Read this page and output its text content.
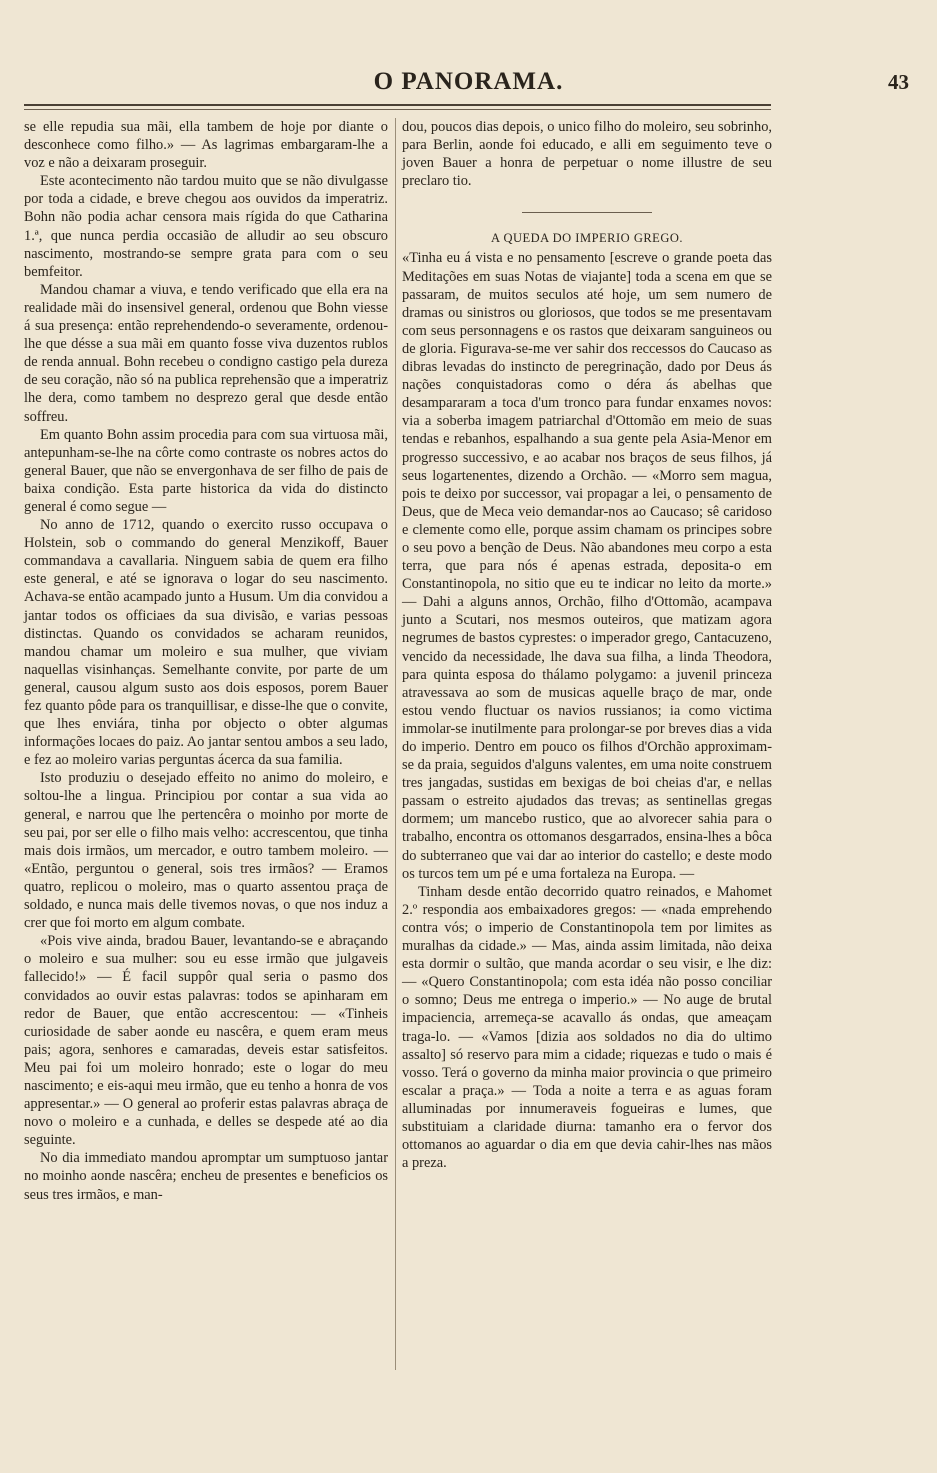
O PANORAMA.	43

se elle repudia sua mãi, ella tambem de hoje por diante o desconhece como filho.» — As lagrimas embargaram-lhe a voz e não a deixaram proseguir.

Este acontecimento não tardou muito que se não divulgasse por toda a cidade, e breve chegou aos ouvidos da imperatriz. Bohn não podia achar censora mais rígida do que Catharina 1.ª, que nunca perdia occasião de alludir ao seu obscuro nascimento, mostrando-se sempre grata para com o seu bemfeitor.

Mandou chamar a viuva, e tendo verificado que ella era na realidade mãi do insensivel general, ordenou que Bohn viesse á sua presença: então reprehendendo-o severamente, ordenou-lhe que désse a sua mãi em quanto fosse viva duzentos rublos de renda annual. Bohn recebeu o condigno castigo pela dureza de seu coração, não só na publica reprehensão que a imperatriz lhe dera, como tambem no desprezo geral que desde então soffreu.

Em quanto Bohn assim procedia para com sua virtuosa mãi, antepunham-se-lhe na côrte como contraste os nobres actos do general Bauer, que não se envergonhava de ser filho de pais de baixa condição. Esta parte historica da vida do distincto general é como segue —

No anno de 1712, quando o exercito russo occupava o Holstein, sob o commando do general Menzikoff, Bauer commandava a cavallaria. Ninguem sabia de quem era filho este general, e até se ignorava o logar do seu nascimento. Achava-se então acampado junto a Husum. Um dia convidou a jantar todos os officiaes da sua divisão, e varias pessoas distinctas. Quando os convidados se acharam reunidos, mandou chamar um moleiro e sua mulher, que viviam naquellas visinhanças. Semelhante convite, por parte de um general, causou algum susto aos dois esposos, porem Bauer fez quanto pôde para os tranquillisar, e disse-lhe que o convite, que lhes enviára, tinha por objecto o obter algumas informações locaes do paiz. Ao jantar sentou ambos a seu lado, e fez ao moleiro varias perguntas ácerca da sua familia.

Isto produziu o desejado effeito no animo do moleiro, e soltou-lhe a lingua. Principiou por contar a sua vida ao general, e narrou que lhe pertencêra o moinho por morte de seu pai, por ser elle o filho mais velho: accrescentou, que tinha mais dois irmãos, um mercador, e outro tambem moleiro. — «Então, perguntou o general, sois tres irmãos? — Eramos quatro, replicou o moleiro, mas o quarto assentou praça de soldado, e nunca mais delle tivemos novas, o que nos induz a crer que foi morto em algum combate.

«Pois vive ainda, bradou Bauer, levantando-se e abraçando o moleiro e sua mulher: sou eu esse irmão que julgaveis fallecido!» — É facil suppôr qual seria o pasmo dos convidados ao ouvir estas palavras: todos se apinharam em redor de Bauer, que então accrescentou: — «Tinheis curiosidade de saber aonde eu nascêra, e quem eram meus pais; agora, senhores e camaradas, deveis estar satisfeitos. Meu pai foi um moleiro honrado; este o logar do meu nascimento; e eis-aqui meu irmão, que eu tenho a honra de vos appresentar.» — O general ao proferir estas palavras abraça de novo o moleiro e a cunhada, e delles se despede até ao dia seguinte.

No dia immediato mandou apromptar um sumptuoso jantar no moinho aonde nascêra; encheu de presentes e beneficios os seus tres irmãos, e man-

dou, poucos dias depois, o unico filho do moleiro, seu sobrinho, para Berlin, aonde foi educado, e alli em seguimento teve o joven Bauer a honra de perpetuar o nome illustre de seu preclaro tio.

A QUEDA DO IMPERIO GREGO.

«Tinha eu á vista e no pensamento [escreve o grande poeta das Meditações em suas Notas de viajante] toda a scena em que se passaram, de muitos seculos até hoje, um sem numero de dramas ou sinistros ou gloriosos, que todos se me presentavam com seus personnagens e os rastos que deixaram sanguineos ou de gloria. Figurava-se-me ver sahir dos reccessos do Caucaso as dibras levadas do instincto de peregrinação, dado por Deus ás nações conquistadoras como o déra ás abelhas que desampararam a toca d'um tronco para fundar enxames novos: via a soberba imagem patriarchal d'Ottomão em meio de suas tendas e rebanhos, espalhando a sua gente pela Asia-Menor em progresso successivo, e ao acabar nos braços de seus filhos, já seus logartenentes, dizendo a Orchão. — «Morro sem magua, pois te deixo por successor, vai propagar a lei, o pensamento de Deus, que de Meca veio demandar-nos ao Caucaso; sê caridoso e clemente como elle, porque assim chamam os principes sobre o seu povo a benção de Deus. Não abandones meu corpo a esta terra, que para nós é apenas estrada, deposita-o em Constantinopola, no sitio que eu te indicar no leito da morte.» — Dahi a alguns annos, Orchão, filho d'Ottomão, acampava junto a Scutari, nos mesmos outeiros, que matizam agora negrumes de bastos cyprestes: o imperador grego, Cantacuzeno, vencido da necessidade, lhe dava sua filha, a linda Theodora, para quinta esposa do thálamo polygamo: a juvenil princeza atravessava ao som de musicas aquelle braço de mar, onde estou vendo fluctuar os navios russianos; ia como victima immolar-se inutilmente para prolongar-se por breves dias a vida do imperio. Dentro em pouco os filhos d'Orchão approximam-se da praia, seguidos d'alguns valentes, em uma noite construem tres jangadas, sustidas em bexigas de boi cheias d'ar, e nellas passam o estreito ajudados das trevas; as sentinellas gregas dormem; um mancebo rustico, que ao alvorecer sahia para o trabalho, encontra os ottomanos desgarrados, ensina-lhes a bôca do subterraneo que vai dar ao interior do castello; e deste modo os turcos tem um pé e uma fortaleza na Europa. —

Tinham desde então decorrido quatro reinados, e Mahomet 2.º respondia aos embaixadores gregos: — «nada emprehendo contra vós; o imperio de Constantinopola tem por limites as muralhas da cidade.» — Mas, ainda assim limitada, não deixa esta dormir o sultão, que manda acordar o seu visir, e lhe diz: — «Quero Constantinopola; com esta idéa não posso conciliar o somno; Deus me entrega o imperio.» — No auge de brutal impaciencia, arremeça-se acavallo ás ondas, que ameaçam traga-lo. — «Vamos [dizia aos soldados no dia do ultimo assalto] só reservo para mim a cidade; riquezas e tudo o mais é vosso. Terá o governo da minha maior provincia o que primeiro escalar a praça.» — Toda a noite a terra e as aguas foram alluminadas por innumeraveis fogueiras e lumes, que substituiam a claridade diurna: tamanho era o fervor dos ottomanos ao aguardar o dia em que devia cahir-lhes nas mãos a preza.
